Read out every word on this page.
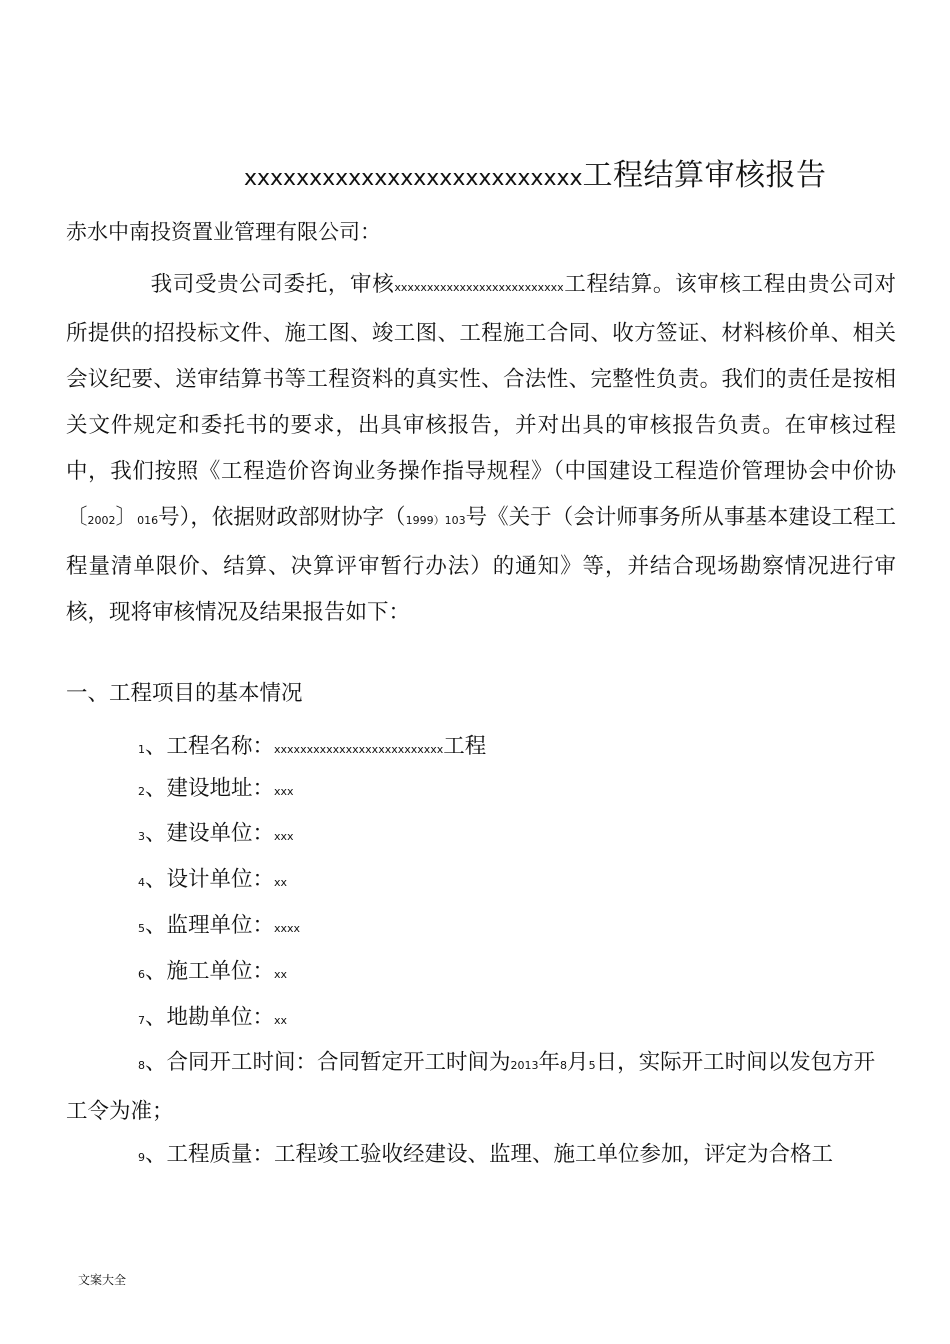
xxxxxxxxxxxxxxxxxxxxxxxxxx工程结算审核报告
赤水中南投资置业管理有限公司：
我司受贵公司委托，审核xxxxxxxxxxxxxxxxxxxxxxxxxx工程结算。该审核工程由贵公司对所提供的招投标文件、施工图、竣工图、工程施工合同、收方签证、材料核价单、相关会议纪要、送审结算书等工程资料的真实性、合法性、完整性负责。我们的责任是按相关文件规定和委托书的要求，出具审核报告，并对出具的审核报告负责。在审核过程中，我们按照《工程造价咨询业务操作指导规程》（中国建设工程造价管理协会中价协〔2002〕016号），依据财政部财协字（1999）103号《关于（会计师事务所从事基本建设工程工程量清单限价、结算、决算评审暂行办法）的通知》等，并结合现场勘察情况进行审核，现将审核情况及结果报告如下：
一、工程项目的基本情况
1、工程名称：xxxxxxxxxxxxxxxxxxxxxxxxxx工程
2、建设地址：xxx
3、建设单位：xxx
4、设计单位：xx
5、监理单位：xxxx
6、施工单位：xx
7、地勘单位：xx
8、合同开工时间：合同暂定开工时间为2013年8月5日，实际开工时间以发包方开工令为准；
9、工程质量：工程竣工验收经建设、监理、施工单位参加，评定为合格工
文案大全
